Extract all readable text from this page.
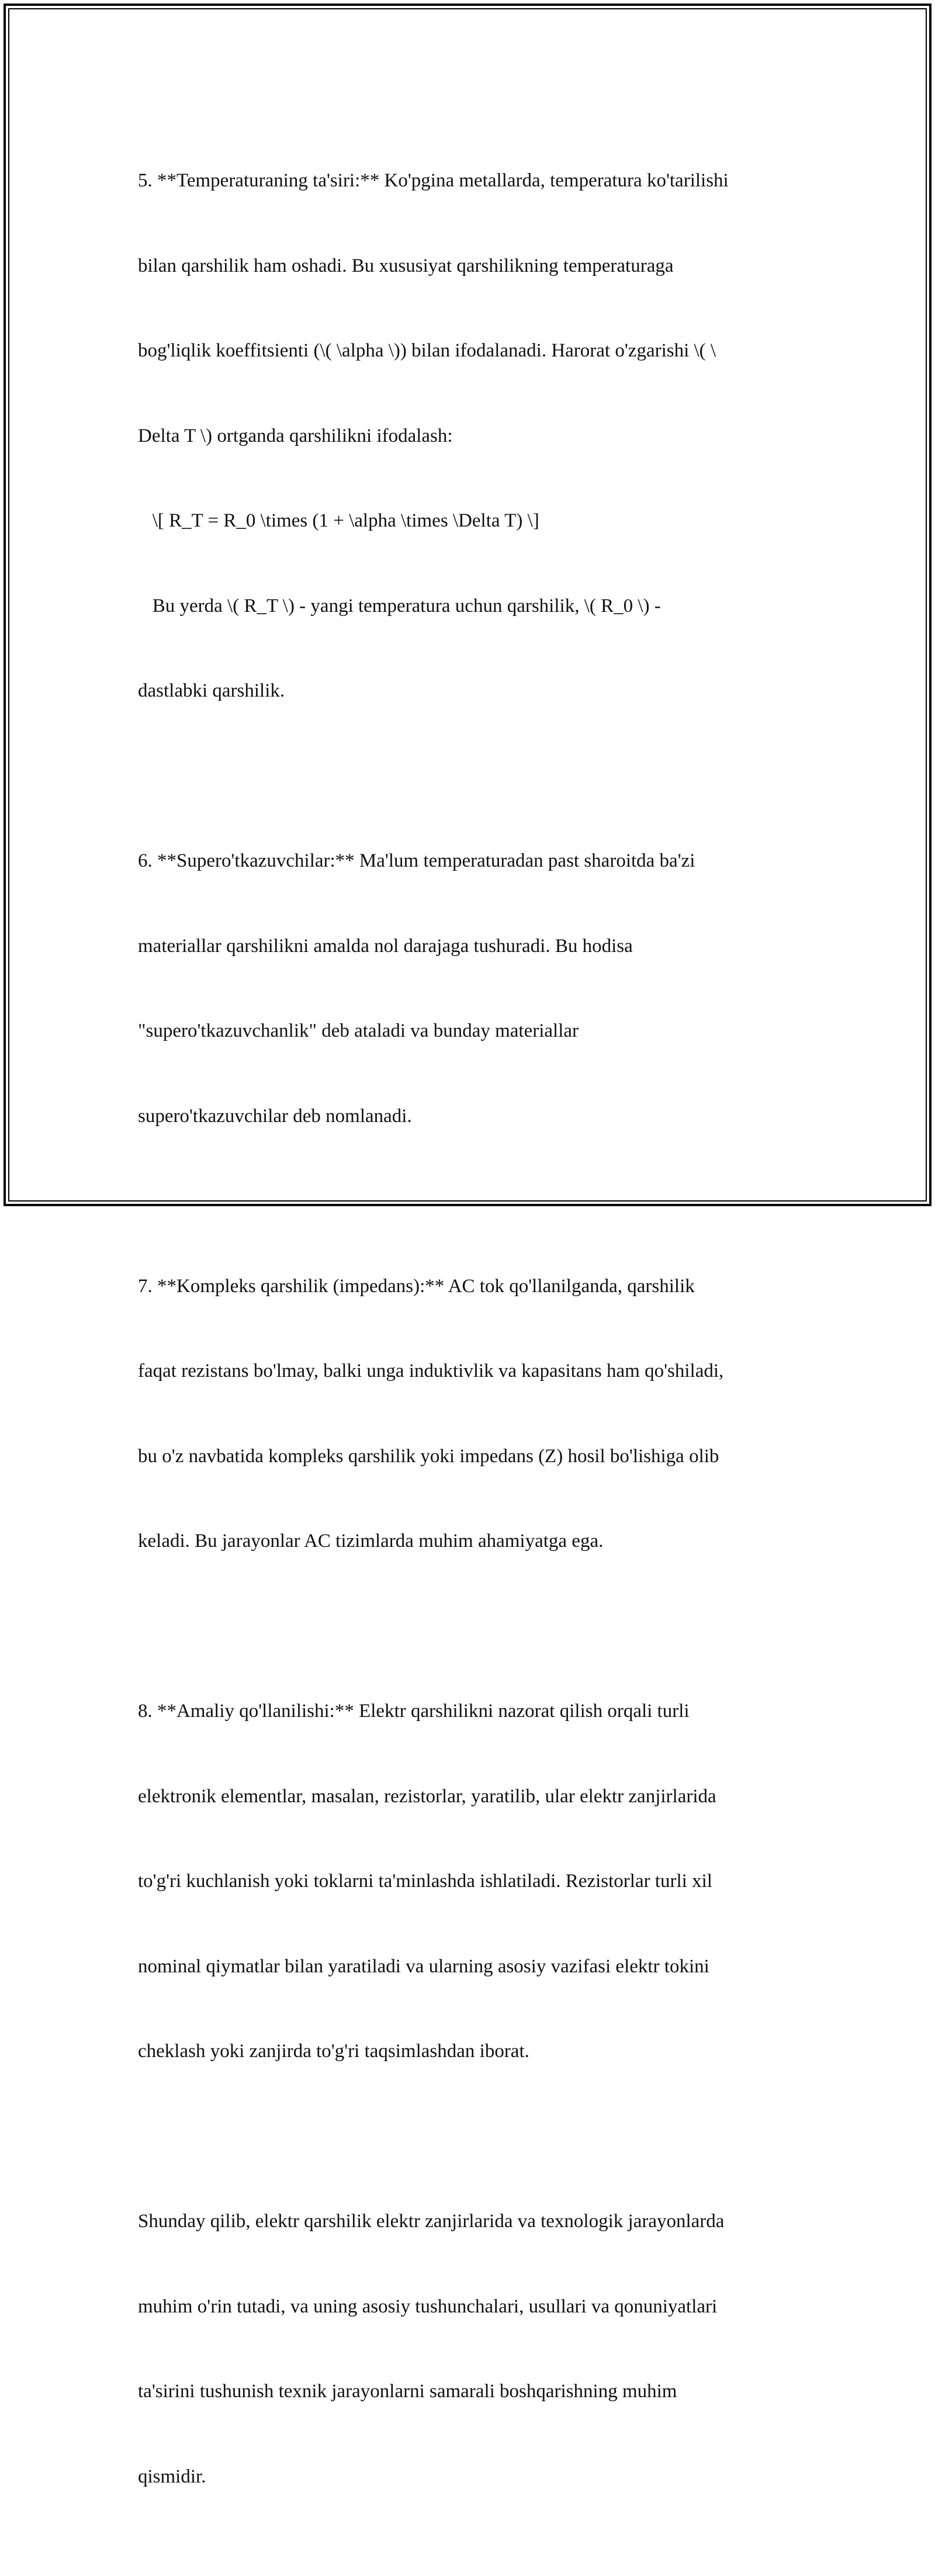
5. **Temperaturaning ta'siri:** Ko'pgina metallarda, temperatura ko'tarilishi

bilan qarshilik ham oshadi. Bu xususiyat qarshilikning temperaturaga

bog'liqlik koeffitsienti (\( \alpha \)) bilan ifodalanadi. Harorat o'zgarishi \( \

Delta T \) ortganda qarshilikni ifodalash:

\[ R_T = R_0 \times (1 + \alpha \times \Delta T) \]

Bu yerda \( R_T \) - yangi temperatura uchun qarshilik, \( R_0 \) -

dastlabki qarshilik.

6. **Supero'tkazuvchilar:** Ma'lum temperaturadan past sharoitda ba'zi

materiallar qarshilikni amalda nol darajaga tushuradi. Bu hodisa

"supero'tkazuvchanlik" deb ataladi va bunday materiallar

supero'tkazuvchilar deb nomlanadi.

7. **Kompleks qarshilik (impedans):** AC tok qo'llanilganda, qarshilik

faqat rezistans bo'lmay, balki unga induktivlik va kapasitans ham qo'shiladi,

bu o'z navbatida kompleks qarshilik yoki impedans (Z) hosil bo'lishiga olib

keladi. Bu jarayonlar AC tizimlarda muhim ahamiyatga ega.

8. **Amaliy qo'llanilishi:** Elektr qarshilikni nazorat qilish orqali turli

elektronik elementlar, masalan, rezistorlar, yaratilib, ular elektr zanjirlarida

to'g'ri kuchlanish yoki toklarni ta'minlashda ishlatiladi. Rezistorlar turli xil

nominal qiymatlar bilan yaratiladi va ularning asosiy vazifasi elektr tokini

cheklash yoki zanjirda to'g'ri taqsimlashdan iborat.

Shunday qilib, elektr qarshilik elektr zanjirlarida va texnologik jarayonlarda

muhim o'rin tutadi, va uning asosiy tushunchalari, usullari va qonuniyatlari

ta'sirini tushunish texnik jarayonlarni samarali boshqarishning muhim

qismidir.
